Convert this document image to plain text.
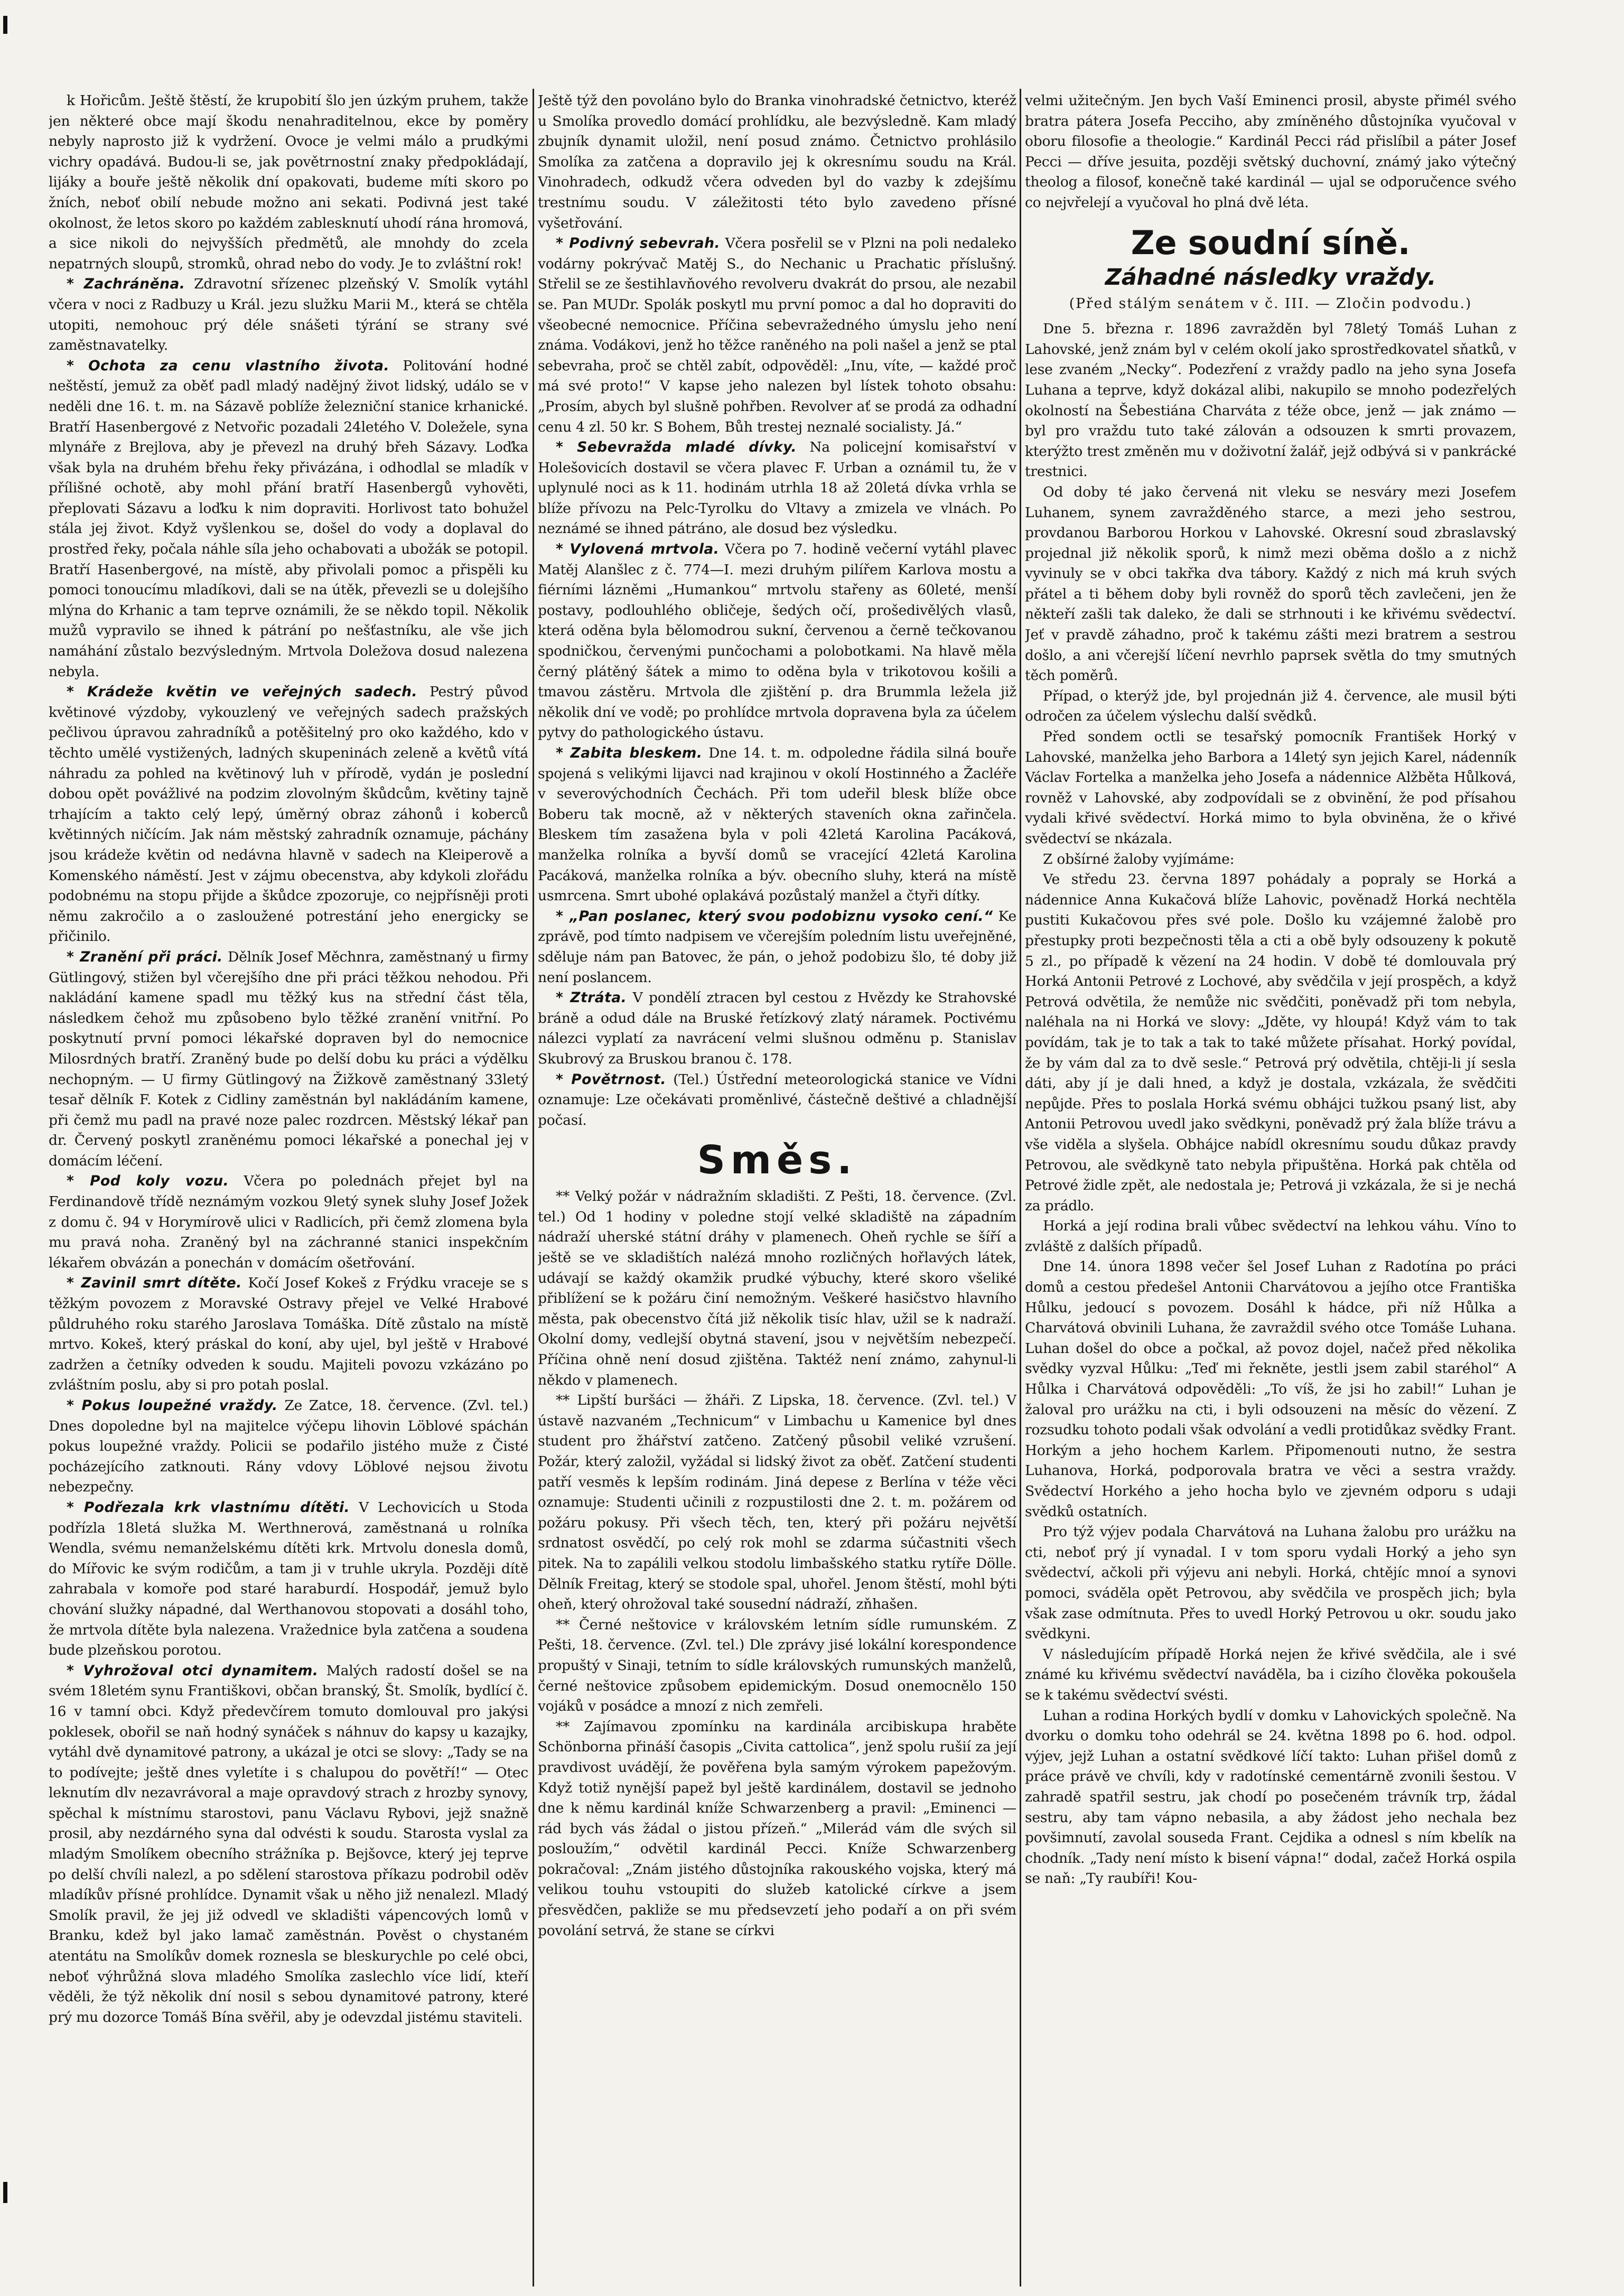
k Hořicům. Ještě štěstí, že krupobití šlo jen úzkým pruhem, takže jen některé obce mají škodu nenahraditelnou, ekce by poměry nebyly naprosto již k vydržení. Ovoce je velmi málo a prudkými vichry opadává. Budou-li se, jak povětrnostní znaky předpokládají, lijáky a bouře ještě několik dní opakovati, budeme míti skoro po žních, neboť obilí nebude možno ani sekati. Podivná jest také okolnost, že letos skoro po každém zablesknutí uhodí rána hromová, a sice nikoli do nejvyšších předmětů, ale mnohdy do zcela nepatrných sloupů, stromků, ohrad nebo do vody. Je to zvláštní rok!

* Zachráněna. Zdravotní sřízenec plzeňský V. Smolík vytáhl včera v noci z Radbuzy u Král. jezu služku Marii M., která se chtěla utopiti, nemohouc prý déle snášeti týrání se strany své zaměstnavatelky.

* Ochota za cenu vlastního života. Politování hodné neštěstí, jemuž za oběť padl mladý nadějný život lidský, událo se v neděli dne 16. t. m. na Sázavě poblíže železniční stanice krhanické. Bratří Hasenbergové z Netvořic pozadali 24letého V. Doležele, syna mlynáře z Brejlova, aby je převezl na druhý břeh Sázavy. Loďka však byla na druhém břehu řeky přivázána, i odhodlal se mladík v přílišné ochotě, aby mohl přání bratří Hasenbergů vyhověti, přeplovati Sázavu a loďku k nim dopraviti. Horlivost tato bohužel stála jej život. Když vyšlenkou se, došel do vody a doplaval do prostřed řeky, počala náhle síla jeho ochabovati a ubožák se potopil. Bratří Hasenbergové, na místě, aby přivolali pomoc a přispěli ku pomoci tonoucímu mladíkovi, dali se na útěk, převezli se u dolejšího mlýna do Krhanic a tam teprve oznámili, že se někdo topil. Několik mužů vypravilo se ihned k pátrání po nešťastníku, ale vše jich namáhání zůstalo bezvýsledným. Mrtvola Doležova dosud nalezena nebyla.

* Krádeže květin ve veřejných sadech. Pestrý původ květinové výzdoby, vykouzlený ve veřejných sadech pražských pečlivou úpravou zahradníků a potěšitelný pro oko každého, kdo v těchto umělé vystižených, ladných skupeninách zeleně a květů vítá náhradu za pohled na květinový luh v přírodě, vydán je poslední dobou opět povážlivé na podzim zlovolným škůdcům, květiny tajně trhajícím a takto celý lepý, úměrný obraz záhonů i koberců květinných ničícím. Jak nám městský zahradník oznamuje, páchány jsou krádeže květin od nedávna hlavně v sadech na Kleiperově a Komenského náměstí. Jest v zájmu obecenstva, aby kdykoli zlořádu podobnému na stopu přijde a škůdce zpozoruje, co nejpřísněji proti němu zakročilo a o zasloužené potrestání jeho energicky se přičinilo.

* Zranění při práci. Dělník Josef Měchnra, zaměstnaný u firmy Gütlingový, stižen byl včerejšího dne při práci těžkou nehodou. Při nakládání kamene spadl mu těžký kus na střední část těla, následkem čehož mu způsobeno bylo těžké zranění vnitřní. Po poskytnutí první pomoci lékařské dopraven byl do nemocnice Milosrdných bratří. Zraněný bude po delší dobu ku práci a výdělku nechopným. — U firmy Gütlingový na Žižkově zaměstnaný 33letý tesař dělník F. Kotek z Cidliny zaměstnán byl nakládáním kamene, při čemž mu padl na pravé noze palec rozdrcen. Městský lékař pan dr. Červený poskytl zraněnému pomoci lékařské a ponechal jej v domácím léčení.

* Pod koly vozu. Včera po polednách přejet byl na Ferdinandově třídě neznámým vozkou 9letý synek sluhy Josef Jožek z domu č. 94 v Horymírově ulici v Radlicích, při čemž zlomena byla mu pravá noha. Zraněný byl na záchranné stanici inspekčním lékařem obvázán a ponechán v domácím ošetřování.

* Zavinil smrt dítěte. Kočí Josef Kokeš z Frýdku vraceje se s těžkým povozem z Moravské Ostravy přejel ve Velké Hrabové půldruhého roku starého Jaroslava Tomáška. Dítě zůstalo na místě mrtvo. Kokeš, který práskal do koní, aby ujel, byl ještě v Hrabové zadržen a četníky odveden k soudu. Majiteli povozu vzkázáno po zvláštním poslu, aby si pro potah poslal.

* Pokus loupežné vraždy. Ze Zatce, 18. července. (Zvl. tel.) Dnes dopoledne byl na majitelce výčepu lihovin Löblové spáchán pokus loupežné vraždy. Policii se podařilo jistého muže z Čisté pocházejícího zatknouti. Rány vdovy Löblové nejsou životu nebezpečny.

* Podřezala krk vlastnímu dítěti. V Lechovicích u Stoda podřízla 18letá služka M. Werthnerová, zaměstnaná u rolníka Wendla, svému nemanželskému dítěti krk. Mrtvolu donesla domů, do Mířovic ke svým rodičům, a tam ji v truhle ukryla. Později dítě zahrabala v komoře pod staré haraburdí. Hospodář, jemuž bylo chování služky nápadné, dal Werthanovou stopovati a dosáhl toho, že mrtvola dítěte byla nalezena. Vražednice byla zatčena a soudena bude plzeňskou porotou.

* Vyhrožoval otci dynamitem. Malých radostí došel se na svém 18letém synu Františkovi, občan branský, Št. Smolík, bydlící č. 16 v tamní obci. Když předevčírem tomuto domlouval pro jakýsi poklesek, obořil se naň hodný synáček s náhnuv do kapsy u kazajky, vytáhl dvě dynamitové patrony, a ukázal je otci se slovy: „Tady se na to podívejte; ještě dnes vyletíte i s chalupou do povětří!“ — Otec leknutím dlv nezavrávoral a maje opravdový strach z hrozby synovy, spěchal k místnímu starostovi, panu Václavu Rybovi, jejž snažně prosil, aby nezdárného syna dal odvésti k soudu. Starosta vyslal za mladým Smolíkem obecního strážníka p. Bejšovce, který jej teprve po delší chvíli nalezl, a po sdělení starostova příkazu podrobil oděv mladíkův přísné prohlídce. Dynamit však u něho již nenalezl. Mladý Smolík pravil, že jej již odvedl ve skladišti vápencových lomů v Branku, kdež byl jako lamač zaměstnán. Pověst o chystaném atentátu na Smolíkův domek roznesla se bleskurychle po celé obci, neboť výhrůžná slova mladého Smolíka zaslechlo více lidí, kteří věděli, že týž několik dní nosil s sebou dynamitové patrony, které prý mu dozorce Tomáš Bína svěřil, aby je odevzdal jistému staviteli.

Ještě týž den povoláno bylo do Branka vinohradské četnictvo, kteréž u Smolíka provedlo domácí prohlídku, ale bezvýsledně. Kam mladý zbujník dynamit uložil, není posud známo. Četnictvo prohlásilo Smolíka za zatčena a dopravilo jej k okresnímu soudu na Král. Vinohradech, odkudž včera odveden byl do vazby k zdejšímu trestnímu soudu. V záležitosti této bylo zavedeno přísné vyšetřování.

* Podivný sebevrah. Včera posřelil se v Plzni na poli nedaleko vodárny pokrývač Matěj S., do Nechanic u Prachatic příslušný. Střelil se ze šestihlavňového revolveru dvakrát do prsou, ale nezabil se. Pan MUDr. Spolák poskytl mu první pomoc a dal ho dopraviti do všeobecné nemocnice. Příčina sebevražedného úmyslu jeho není známa. Vodákovi, jenž ho těžce raněného na poli našel a jenž se ptal sebevraha, proč se chtěl zabít, odpověděl: „Inu, víte, — každé proč má své proto!“ V kapse jeho nalezen byl lístek tohoto obsahu: „Prosím, abych byl slušně pohřben. Revolver ať se prodá za odhadní cenu 4 zl. 50 kr. S Bohem, Bůh trestej neznalé socialisty. Já.“

* Sebevražda mladé dívky. Na policejní komisařství v Holešovicích dostavil se včera plavec F. Urban a oznámil tu, že v uplynulé noci as k 11. hodinám utrhla 18 až 20letá dívka vrhla se blíže přívozu na Pelc-Tyrolku do Vltavy a zmizela ve vlnách. Po neznámé se ihned pátráno, ale dosud bez výsledku.

* Vylovená mrtvola. Včera po 7. hodině večerní vytáhl plavec Matěj Alanšlec z č. 774—I. mezi druhým pilířem Karlova mostu a fiérními lázněmi „Humankou“ mrtvolu stařeny as 60leté, menší postavy, podlouhlého obličeje, šedých očí, prošedivělých vlasů, která oděna byla bělomodrou sukní, červenou a černě tečkovanou spodničkou, červenými punčochami a polobotkami. Na hlavě měla černý plátěný šátek a mimo to oděna byla v trikotovou košili a tmavou zástěru. Mrtvola dle zjištění p. dra Brummla ležela již několik dní ve vodě; po prohlídce mrtvola dopravena byla za účelem pytvy do pathologického ústavu.

* Zabita bleskem. Dne 14. t. m. odpoledne řádila silná bouře spojená s velikými lijavci nad krajinou v okolí Hostinného a Žacléře v severovýchodních Čechách. Při tom udeřil blesk blíže obce Boberu tak mocně, až v některých staveních okna zařinčela. Bleskem tím zasažena byla v poli 42letá Karolina Pacáková, manželka rolníka a byvší domů se vracející 42letá Karolina Pacáková, manželka rolníka a býv. obecního sluhy, která na místě usmrcena. Smrt ubohé oplakává pozůstalý manžel a čtyři dítky.

* „Pan poslanec, který svou podobiznu vysoko cení.“ Ke zprávě, pod tímto nadpisem ve včerejším poledním listu uveřejněné, sděluje nám pan Batovec, že pán, o jehož podobizu šlo, té doby již není poslancem.

* Ztráta. V pondělí ztracen byl cestou z Hvězdy ke Strahovské bráně a odud dále na Bruské řetízkový zlatý náramek. Poctivému nálezci vyplatí za navrácení velmi slušnou odměnu p. Stanislav Skubrový za Bruskou branou č. 178.

* Povětrnost. (Tel.) Ústřední meteorologická stanice ve Vídni oznamuje: Lze očekávati proměnlivé, částečně deštivé a chladnější počasí.

Směs.

** Velký požár v nádražním skladišti. Z Pešti, 18. července. (Zvl. tel.) Od 1 hodiny v poledne stojí velké skladiště na západním nádraží uherské státní dráhy v plamenech. Oheň rychle se šíří a ještě se ve skladištích nalézá mnoho rozličných hořlavých látek, udávají se každý okamžik prudké výbuchy, které skoro všeliké přiblížení se k požáru činí nemožným. Veškeré hasičstvo hlavního města, pak obecenstvo čítá již několik tisíc hlav, užil se k nadraží. Okolní domy, vedlejší obytná stavení, jsou v největším nebezpečí. Příčina ohně není dosud zjištěna. Taktéž není známo, zahynul-li někdo v plamenech.

** Lipští buršáci — žháři. Z Lipska, 18. července. (Zvl. tel.) V ústavě nazvaném „Technicum“ v Limbachu u Kamenice byl dnes student pro žhářství zatčeno. Zatčený působil veliké vzrušení. Požár, který založil, vyžádal si lidský život za oběť. Zatčení studenti patří vesměs k lepším rodinám. Jiná depese z Berlína v téže věci oznamuje: Studenti učinili z rozpustilosti dne 2. t. m. požárem od požáru pokusy. Při všech těch, ten, který při požáru největší srdnatost osvědčí, po celý rok mohl se zdarma súčastniti všech pitek. Na to zapálili velkou stodolu limbašského statku rytíře Dölle. Dělník Freitag, který se stodole spal, uhořel. Jenom štěstí, mohl býti oheň, který ohrožoval také sousední nádraží, zňhašen.

** Černé neštovice v královském letním sídle rumunském. Z Pešti, 18. července. (Zvl. tel.) Dle zprávy jisé lokální korespondence propuštý v Sinaji, tetním to sídle královských rumunských manželů, černé neštovice způsobem epidemickým. Dosud onemocnělo 150 vojáků v posádce a mnozí z nich zemřeli.

** Zajímavou zpomínku na kardinála arcibiskupa hraběte Schönborna přináší časopis „Civita cattolica“, jenž spolu rušií za její pravdivost uvádějí, že pověřena byla samým výrokem papežovým. Když totiž nynější papež byl ještě kardinálem, dostavil se jednoho dne k němu kardinál kníže Schwarzenberg a pravil: „Eminenci — rád bych vás žádal o jistou přízeň.“ „Milerád vám dle svých sil posloužím,“ odvětil kardinál Pecci. Kníže Schwarzenberg pokračoval: „Znám jistého důstojníka rakouského vojska, který má velikou touhu vstoupiti do služeb katolické církve a jsem přesvědčen, pakliže se mu předsevzetí jeho podaří a on při svém povolání setrvá, že stane se církvi

velmi užitečným. Jen bych Vaší Eminenci prosil, abyste přimél svého bratra pátera Josefa Pecciho, aby zmíněného důstojníka vyučoval v oboru filosofie a theologie.“ Kardinál Pecci rád přislíbil a páter Josef Pecci — dříve jesuita, později světský duchovní, známý jako výtečný theolog a filosof, konečně také kardinál — ujal se odporučence svého co nejvřelejí a vyučoval ho plná dvě léta.

Ze soudní síně.
Záhadné následky vraždy.
(Před stálým senátem v č. III. — Zločin podvodu.)

Dne 5. března r. 1896 zavražděn byl 78letý Tomáš Luhan z Lahovské, jenž znám byl v celém okolí jako sprostředkovatel sňatků, v lese zvaném „Necky“. Podezření z vraždy padlo na jeho syna Josefa Luhana a teprve, když dokázal alibi, nakupilo se mnoho podezřelých okolností na Šebestiána Charváta z téže obce, jenž — jak známo — byl pro vraždu tuto také zálován a odsouzen k smrti provazem, kterýžto trest změněn mu v doživotní žalář, jejž odbývá si v pankrácké trestnici.

Od doby té jako červená nit vleku se nesváry mezi Josefem Luhanem, synem zavražděného starce, a mezi jeho sestrou, provdanou Barborou Horkou v Lahovské. Okresní soud zbraslavský projednal již několik sporů, k nimž mezi oběma došlo a z nichž vyvinuly se v obci takřka dva tábory. Každý z nich má kruh svých přátel a ti během doby byli rovněž do sporů těch zavlečeni, jen že někteří zašli tak daleko, že dali se strhnouti i ke křivému svědectví. Jeť v pravdě záhadno, proč k takému zášti mezi bratrem a sestrou došlo, a ani včerejší líčení nevrhlo paprsek světla do tmy smutných těch poměrů.

Případ, o kterýž jde, byl projednán již 4. července, ale musil býti odročen za účelem výslechu další svědků.

Před sondem octli se tesařský pomocník František Horký v Lahovské, manželka jeho Barbora a 14letý syn jejich Karel, nádenník Václav Fortelka a manželka jeho Josefa a nádennice Alžběta Hůlková, rovněž v Lahovské, aby zodpovídali se z obvinění, že pod přísahou vydali křivé svědectví. Horká mimo to byla obviněna, že o křivé svědectví se nkázala.

Z obšírné žaloby vyjímáme:

Ve středu 23. června 1897 pohádaly a popraly se Horká a nádennice Anna Kukačová blíže Lahovic, pověnadž Horká nechtěla pustiti Kukačovou přes své pole. Došlo ku vzájemné žalobě pro přestupky proti bezpečnosti těla a cti a obě byly odsouzeny k pokutě 5 zl., po případě k vězení na 24 hodin. V době té domlouvala prý Horká Antonii Petrové z Lochové, aby svědčila v její prospěch, a když Petrová odvětila, že nemůže nic svědčiti, poněvadž při tom nebyla, naléhala na ni Horká ve slovy: „Jděte, vy hloupá! Když vám to tak povídám, tak je to tak a tak to také můžete přísahat. Horký povídal, že by vám dal za to dvě sesle.“ Petrová prý odvětila, chtěji-li jí sesla dáti, aby jí je dali hned, a když je dostala, vzkázala, že svědčiti nepůjde. Přes to poslala Horká svému obhájci tužkou psaný list, aby Antonii Petrovou uvedl jako svědkyni, poněvadž prý žala blíže trávu a vše viděla a slyšela. Obhájce nabídl okresnímu soudu důkaz pravdy Petrovou, ale svědkyně tato nebyla připuštěna. Horká pak chtěla od Petrové židle zpět, ale nedostala je; Petrová ji vzkázala, že si je nechá za prádlo.

Horká a její rodina brali vůbec svědectví na lehkou váhu. Víno to zvláště z dalších případů.

Dne 14. února 1898 večer šel Josef Luhan z Radotína po práci domů a cestou předešel Antonii Charvátovou a jejího otce Františka Hůlku, jedoucí s povozem. Dosáhl k hádce, při níž Hůlka a Charvátová obvinili Luhana, že zavraždil svého otce Tomáše Luhana. Luhan došel do obce a počkal, až povoz dojel, načež před několika svědky vyzval Hůlku: „Teď mi řekněte, jestli jsem zabil staréhol“ A Hůlka i Charvátová odpověděli: „To víš, že jsi ho zabil!“ Luhan je žaloval pro urážku na cti, i byli odsouzeni na měsíc do vězení. Z rozsudku tohoto podali však odvolání a vedli protidůkaz svědky Frant. Horkým a jeho hochem Karlem. Připomenouti nutno, že sestra Luhanova, Horká, podporovala bratra ve věci a sestra vraždy. Svědectví Horkého a jeho hocha bylo ve zjevném odporu s udaji svědků ostatních.

Pro týž výjev podala Charvátová na Luhana žalobu pro urážku na cti, neboť prý jí vynadal. I v tom sporu vydali Horký a jeho syn svědectví, ačkoli při výjevu ani nebyli. Horká, chtějíc mnoí a synovi pomoci, sváděla opět Petrovou, aby svědčila ve prospěch jich; byla však zase odmítnuta. Přes to uvedl Horký Petrovou u okr. soudu jako svědkyni.

V následujícím případě Horká nejen že křivé svědčila, ale i své známé ku křivému svědectví naváděla, ba i cizího člověka pokoušela se k takému svědectví svésti.

Luhan a rodina Horkých bydlí v domku v Lahovických společně. Na dvorku o domku toho odehrál se 24. května 1898 po 6. hod. odpol. výjev, jejž Luhan a ostatní svědkové líčí takto: Luhan přišel domů z práce právě ve chvíli, kdy v radotínské cementárně zvonili šestou. V zahradě spatřil sestru, jak chodí po posečeném trávník trp, žádal sestru, aby tam vápno nebasila, a aby žádost jeho nechala bez povšimnutí, zavolal souseda Frant. Cejdika a odnesl s ním kbelík na chodník. „Tady není místo k bisení vápna!“ dodal, začež Horká ospila se naň: „Ty raubíři! Kou-
